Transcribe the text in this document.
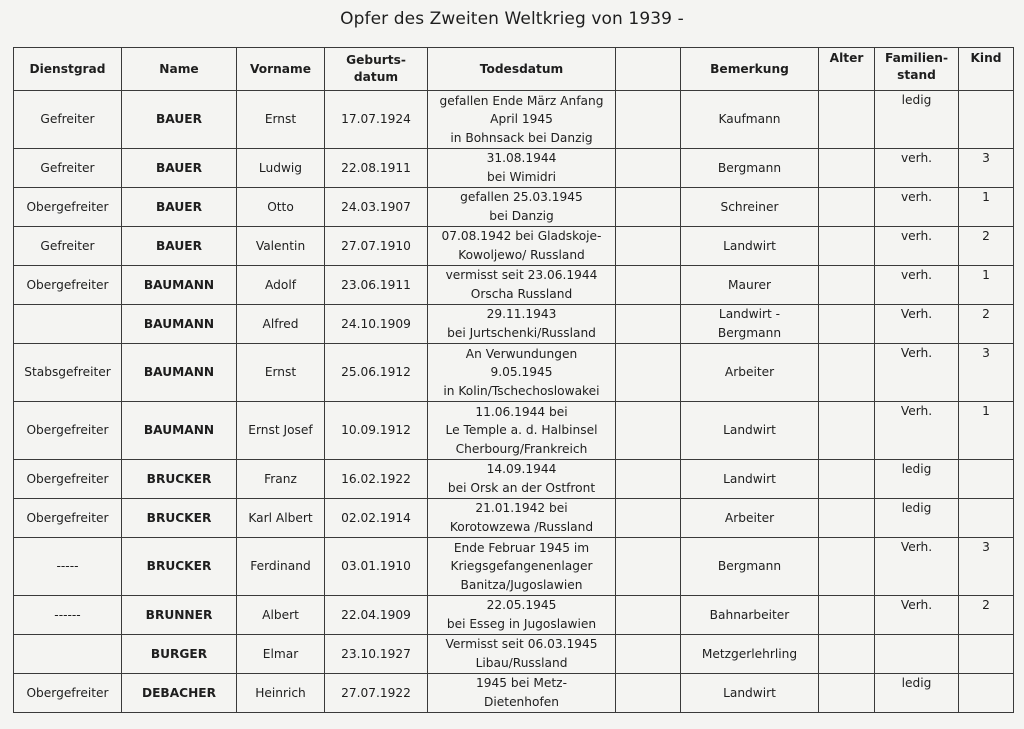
Opfer des Zweiten Weltkrieg von 1939 -
Dienstgrad	Name	Vorname	Geburts-
datum	Todesdatum		Bemerkung	Alter	Familien-
stand	Kind
Gefreiter	BAUER	Ernst	17.07.1924	gefallen Ende März Anfang
April 1945
in Bohnsack bei Danzig		Kaufmann		ledig	
Gefreiter	BAUER	Ludwig	22.08.1911	31.08.1944
bei Wimidri		Bergmann		verh.	3
Obergefreiter	BAUER	Otto	24.03.1907	gefallen 25.03.1945
bei Danzig		Schreiner		verh.	1
Gefreiter	BAUER	Valentin	27.07.1910	07.08.1942 bei Gladskoje-
Kowoljewo/ Russland		Landwirt		verh.	2
Obergefreiter	BAUMANN	Adolf	23.06.1911	vermisst seit 23.06.1944
Orscha Russland		Maurer		verh.	1
	BAUMANN	Alfred	24.10.1909	29.11.1943
bei Jurtschenki/Russland		Landwirt -
Bergmann		Verh.	2
Stabsgefreiter	BAUMANN	Ernst	25.06.1912	An Verwundungen
9.05.1945
in Kolin/Tschechoslowakei		Arbeiter		Verh.	3
Obergefreiter	BAUMANN	Ernst Josef	10.09.1912	11.06.1944 bei
Le Temple a. d. Halbinsel
Cherbourg/Frankreich		Landwirt		Verh.	1
Obergefreiter	BRUCKER	Franz	16.02.1922	14.09.1944
bei Orsk an der Ostfront		Landwirt		ledig	
Obergefreiter	BRUCKER	Karl Albert	02.02.1914	21.01.1942 bei
Korotowzewa /Russland		Arbeiter		ledig	
-----	BRUCKER	Ferdinand	03.01.1910	Ende Februar 1945 im
Kriegsgefangenenlager
Banitza/Jugoslawien		Bergmann		Verh.	3
------	BRUNNER	Albert	22.04.1909	22.05.1945
bei Esseg in Jugoslawien		Bahnarbeiter		Verh.	2
	BURGER	Elmar	23.10.1927	Vermisst seit 06.03.1945
Libau/Russland		Metzgerlehrling			
Obergefreiter	DEBACHER	Heinrich	27.07.1922	1945 bei Metz-
Dietenhofen		Landwirt		ledig	
